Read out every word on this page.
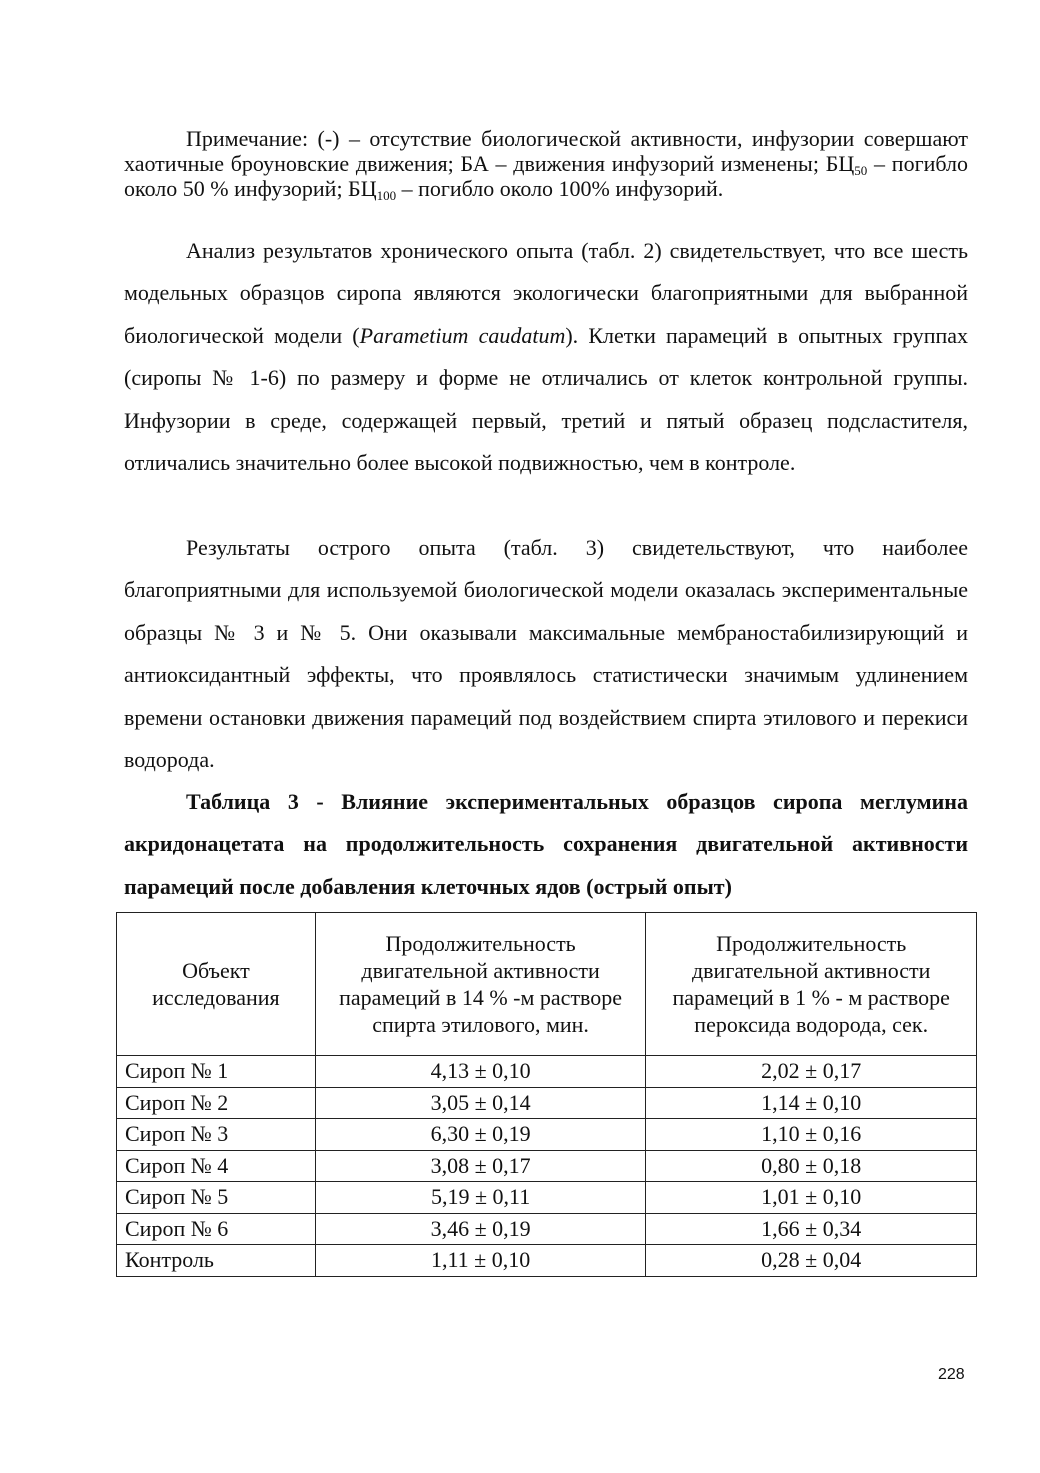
Примечание: (-) – отсутствие биологической активности, инфузории совершают хаотичные броуновские движения; БА – движения инфузорий изменены; $БЦ_{50}$ – погибло около 50 % инфузорий; $БЦ_{100}$ – погибло около 100% инфузорий.

Анализ результатов хронического опыта (табл. 2) свидетельствует, что все шесть модельных образцов сиропа являются экологически благоприятными для выбранной биологической модели (Parametium caudatum). Клетки парамеций в опытных группах (сиропы № 1-6) по размеру и форме не отличались от клеток контрольной группы. Инфузории в среде, содержащей первый, третий и пятый образец подсластителя, отличались значительно более высокой подвижностью, чем в контроле.

Результаты острого опыта (табл. 3) свидетельствуют, что наиболее благоприятными для используемой биологической модели оказалась экспериментальные образцы № 3 и № 5. Они оказывали максимальные мембраностабилизирующий и антиоксидантный эффекты, что проявлялось статистически значимым удлинением времени остановки движения парамеций под воздействием спирта этилового и перекиси водорода.

Таблица 3 - Влияние экспериментальных образцов сиропа меглумина акридонацетата на продолжительность сохранения двигательной активности парамеций после добавления клеточных ядов (острый опыт)

Объект исследования	Продолжительность двигательной активности парамеций в 14 % -м растворе спирта этилового, мин.	Продолжительность двигательной активности парамеций в 1 % - м растворе пероксида водорода, сек.
Сироп № 1	4,13 ± 0,10	2,02 ± 0,17
Сироп № 2	3,05 ± 0,14	1,14 ± 0,10
Сироп № 3	6,30 ± 0,19	1,10 ± 0,16
Сироп № 4	3,08 ± 0,17	0,80 ± 0,18
Сироп № 5	5,19 ± 0,11	1,01 ± 0,10
Сироп № 6	3,46 ± 0,19	1,66 ± 0,34
Контроль	1,11 ± 0,10	0,28 ± 0,04
228
